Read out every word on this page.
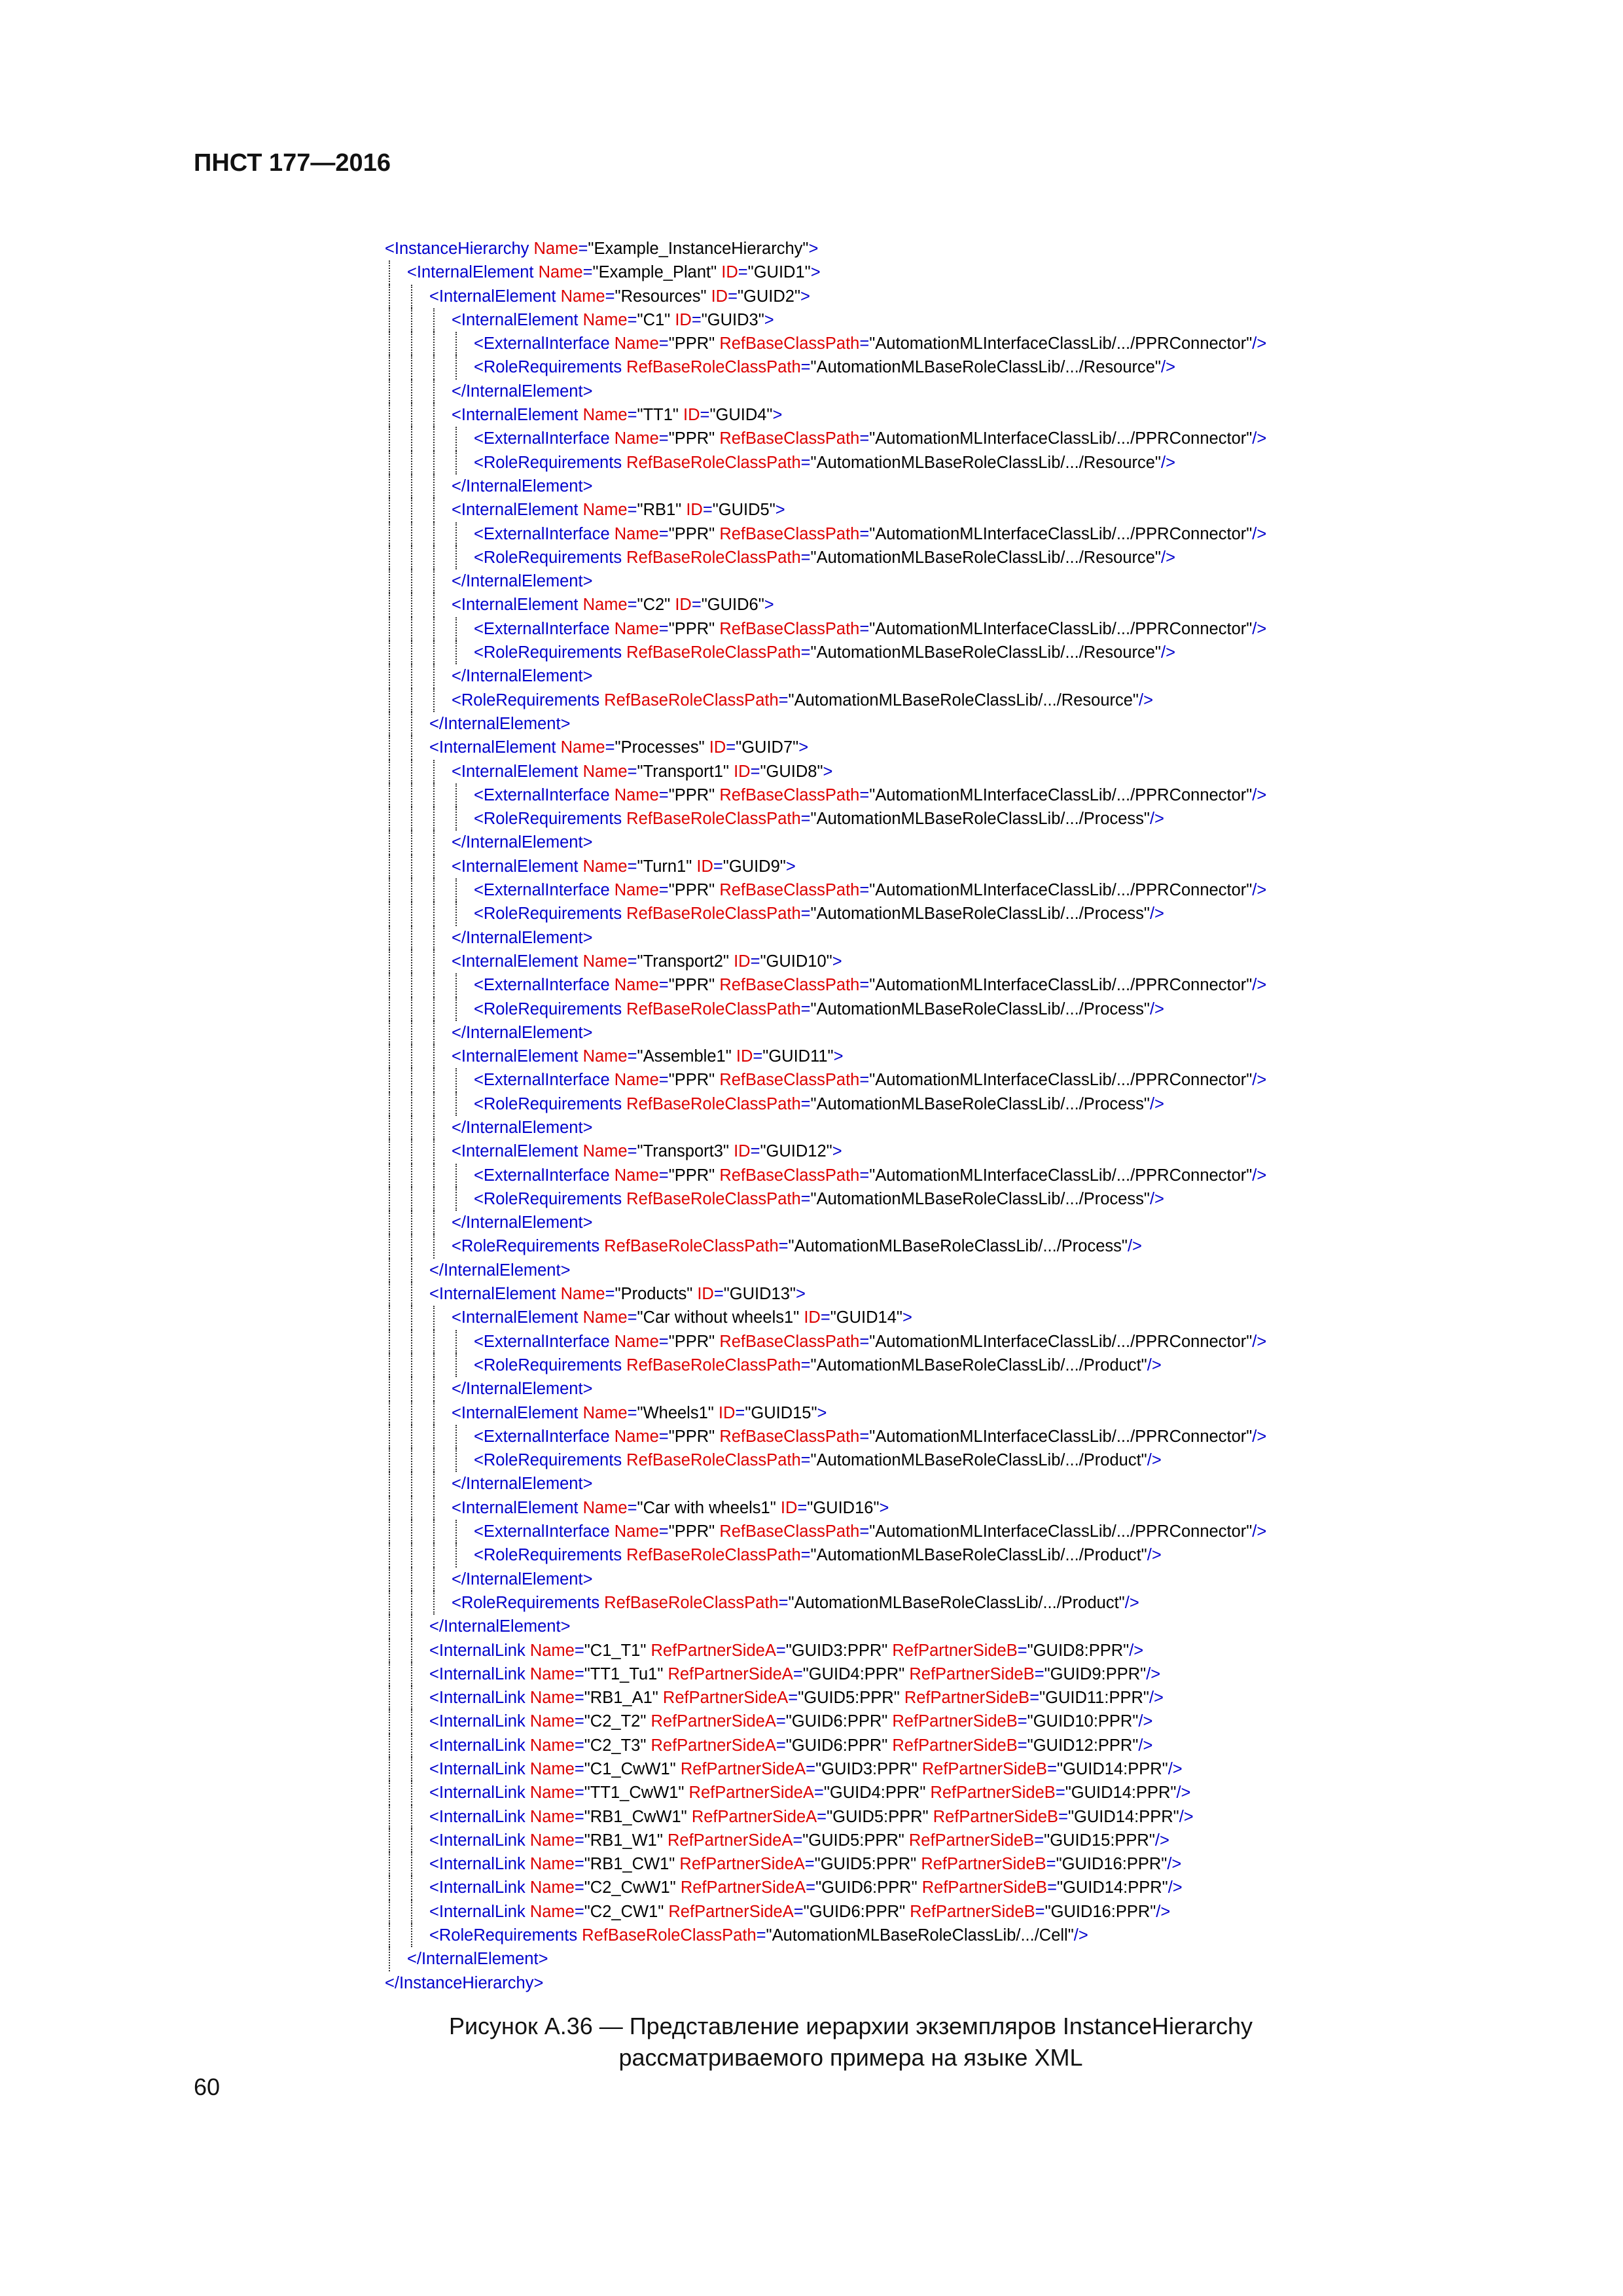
ПНСТ 177—2016
<InstanceHierarchy Name="Example_InstanceHierarchy">
<InternalElement Name="Example_Plant" ID="GUID1">
<InternalElement Name="Resources" ID="GUID2">
<InternalElement Name="C1" ID="GUID3">
<ExternalInterface Name="PPR" RefBaseClassPath="AutomationMLInterfaceClassLib/.../PPRConnector"/>
<RoleRequirements RefBaseRoleClassPath="AutomationMLBaseRoleClassLib/.../Resource"/>
</InternalElement>
<InternalElement Name="TT1" ID="GUID4">
<ExternalInterface Name="PPR" RefBaseClassPath="AutomationMLInterfaceClassLib/.../PPRConnector"/>
<RoleRequirements RefBaseRoleClassPath="AutomationMLBaseRoleClassLib/.../Resource"/>
</InternalElement>
<InternalElement Name="RB1" ID="GUID5">
<ExternalInterface Name="PPR" RefBaseClassPath="AutomationMLInterfaceClassLib/.../PPRConnector"/>
<RoleRequirements RefBaseRoleClassPath="AutomationMLBaseRoleClassLib/.../Resource"/>
</InternalElement>
<InternalElement Name="C2" ID="GUID6">
<ExternalInterface Name="PPR" RefBaseClassPath="AutomationMLInterfaceClassLib/.../PPRConnector"/>
<RoleRequirements RefBaseRoleClassPath="AutomationMLBaseRoleClassLib/.../Resource"/>
</InternalElement>
<RoleRequirements RefBaseRoleClassPath="AutomationMLBaseRoleClassLib/.../Resource"/>
</InternalElement>
<InternalElement Name="Processes" ID="GUID7">
<InternalElement Name="Transport1" ID="GUID8">
<ExternalInterface Name="PPR" RefBaseClassPath="AutomationMLInterfaceClassLib/.../PPRConnector"/>
<RoleRequirements RefBaseRoleClassPath="AutomationMLBaseRoleClassLib/.../Process"/>
</InternalElement>
<InternalElement Name="Turn1" ID="GUID9">
<ExternalInterface Name="PPR" RefBaseClassPath="AutomationMLInterfaceClassLib/.../PPRConnector"/>
<RoleRequirements RefBaseRoleClassPath="AutomationMLBaseRoleClassLib/.../Process"/>
</InternalElement>
<InternalElement Name="Transport2" ID="GUID10">
<ExternalInterface Name="PPR" RefBaseClassPath="AutomationMLInterfaceClassLib/.../PPRConnector"/>
<RoleRequirements RefBaseRoleClassPath="AutomationMLBaseRoleClassLib/.../Process"/>
</InternalElement>
<InternalElement Name="Assemble1" ID="GUID11">
<ExternalInterface Name="PPR" RefBaseClassPath="AutomationMLInterfaceClassLib/.../PPRConnector"/>
<RoleRequirements RefBaseRoleClassPath="AutomationMLBaseRoleClassLib/.../Process"/>
</InternalElement>
<InternalElement Name="Transport3" ID="GUID12">
<ExternalInterface Name="PPR" RefBaseClassPath="AutomationMLInterfaceClassLib/.../PPRConnector"/>
<RoleRequirements RefBaseRoleClassPath="AutomationMLBaseRoleClassLib/.../Process"/>
</InternalElement>
<RoleRequirements RefBaseRoleClassPath="AutomationMLBaseRoleClassLib/.../Process"/>
</InternalElement>
<InternalElement Name="Products" ID="GUID13">
<InternalElement Name="Car without wheels1" ID="GUID14">
<ExternalInterface Name="PPR" RefBaseClassPath="AutomationMLInterfaceClassLib/.../PPRConnector"/>
<RoleRequirements RefBaseRoleClassPath="AutomationMLBaseRoleClassLib/.../Product"/>
</InternalElement>
<InternalElement Name="Wheels1" ID="GUID15">
<ExternalInterface Name="PPR" RefBaseClassPath="AutomationMLInterfaceClassLib/.../PPRConnector"/>
<RoleRequirements RefBaseRoleClassPath="AutomationMLBaseRoleClassLib/.../Product"/>
</InternalElement>
<InternalElement Name="Car with wheels1" ID="GUID16">
<ExternalInterface Name="PPR" RefBaseClassPath="AutomationMLInterfaceClassLib/.../PPRConnector"/>
<RoleRequirements RefBaseRoleClassPath="AutomationMLBaseRoleClassLib/.../Product"/>
</InternalElement>
<RoleRequirements RefBaseRoleClassPath="AutomationMLBaseRoleClassLib/.../Product"/>
</InternalElement>
<InternalLink Name="C1_T1" RefPartnerSideA="GUID3:PPR" RefPartnerSideB="GUID8:PPR"/>
<InternalLink Name="TT1_Tu1" RefPartnerSideA="GUID4:PPR" RefPartnerSideB="GUID9:PPR"/>
<InternalLink Name="RB1_A1" RefPartnerSideA="GUID5:PPR" RefPartnerSideB="GUID11:PPR"/>
<InternalLink Name="C2_T2" RefPartnerSideA="GUID6:PPR" RefPartnerSideB="GUID10:PPR"/>
<InternalLink Name="C2_T3" RefPartnerSideA="GUID6:PPR" RefPartnerSideB="GUID12:PPR"/>
<InternalLink Name="C1_CwW1" RefPartnerSideA="GUID3:PPR" RefPartnerSideB="GUID14:PPR"/>
<InternalLink Name="TT1_CwW1" RefPartnerSideA="GUID4:PPR" RefPartnerSideB="GUID14:PPR"/>
<InternalLink Name="RB1_CwW1" RefPartnerSideA="GUID5:PPR" RefPartnerSideB="GUID14:PPR"/>
<InternalLink Name="RB1_W1" RefPartnerSideA="GUID5:PPR" RefPartnerSideB="GUID15:PPR"/>
<InternalLink Name="RB1_CW1" RefPartnerSideA="GUID5:PPR" RefPartnerSideB="GUID16:PPR"/>
<InternalLink Name="C2_CwW1" RefPartnerSideA="GUID6:PPR" RefPartnerSideB="GUID14:PPR"/>
<InternalLink Name="C2_CW1" RefPartnerSideA="GUID6:PPR" RefPartnerSideB="GUID16:PPR"/>
<RoleRequirements RefBaseRoleClassPath="AutomationMLBaseRoleClassLib/.../Cell"/>
</InternalElement>
</InstanceHierarchy>
Рисунок А.36 — Представление иерархии экземпляров InstanceHierarchy
рассматриваемого примера на языке XML
60
